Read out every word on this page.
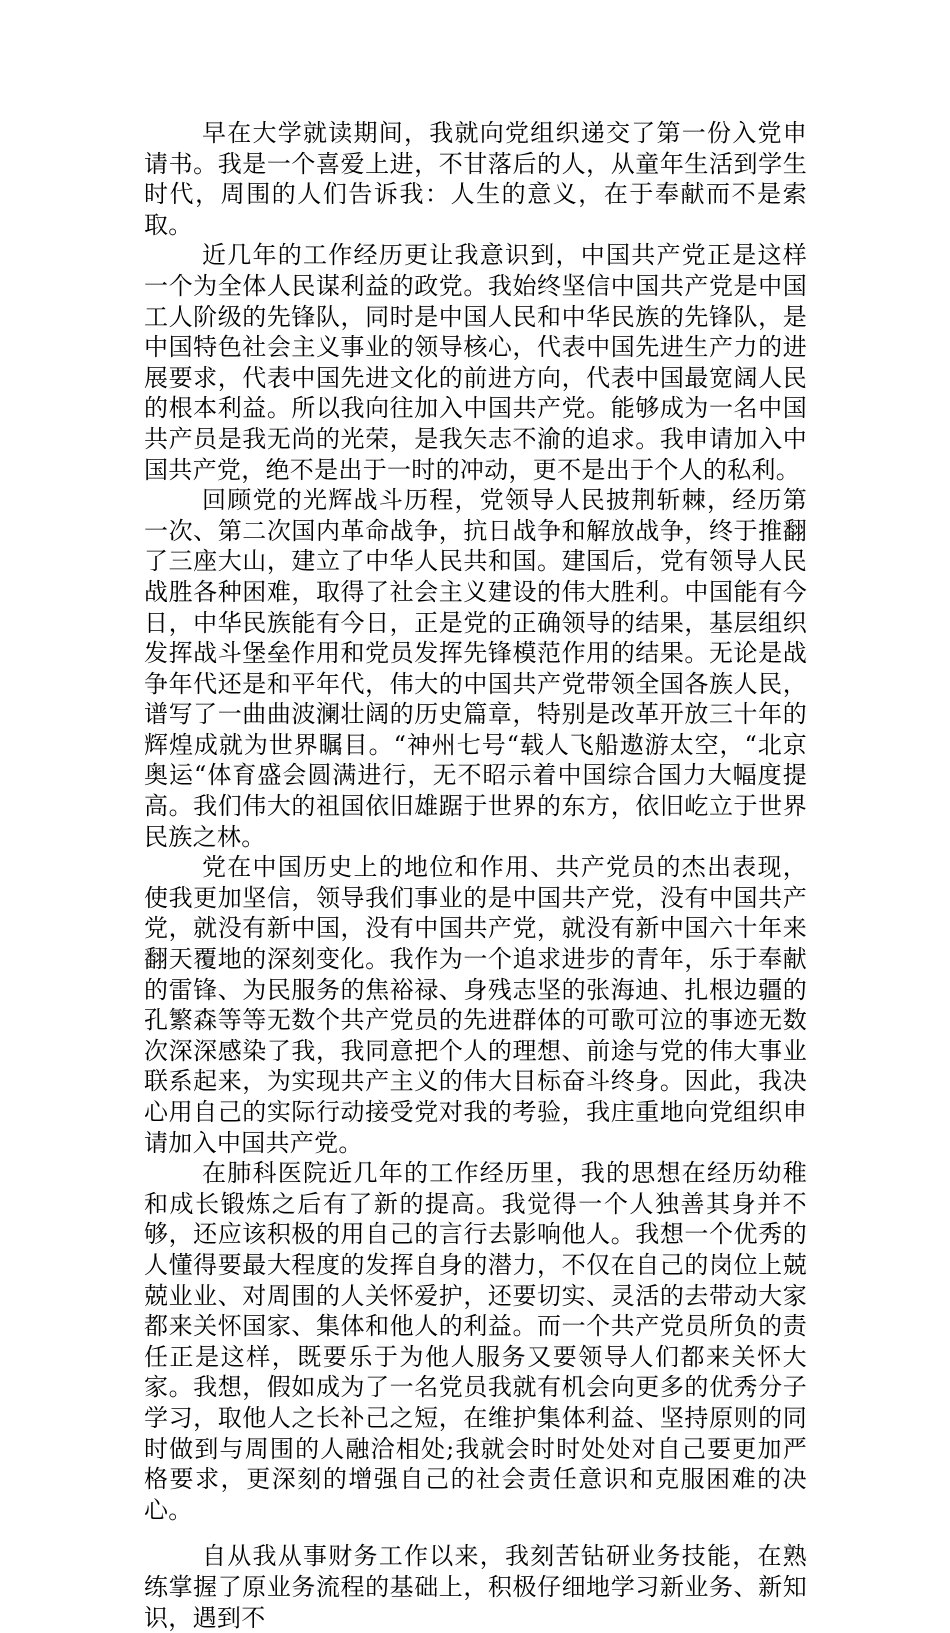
早在大学就读期间，我就向党组织递交了第一份入党申请书。我是一个喜爱上进，不甘落后的人，从童年生活到学生时代，周围的人们告诉我：人生的意义，在于奉献而不是索取。

近几年的工作经历更让我意识到，中国共产党正是这样一个为全体人民谋利益的政党。我始终坚信中国共产党是中国工人阶级的先锋队，同时是中国人民和中华民族的先锋队，是中国特色社会主义事业的领导核心，代表中国先进生产力的进展要求，代表中国先进文化的前进方向，代表中国最宽阔人民的根本利益。所以我向往加入中国共产党。能够成为一名中国共产员是我无尚的光荣，是我矢志不渝的追求。我申请加入中国共产党，绝不是出于一时的冲动，更不是出于个人的私利。

回顾党的光辉战斗历程，党领导人民披荆斩棘，经历第一次、第二次国内革命战争，抗日战争和解放战争，终于推翻了三座大山，建立了中华人民共和国。建国后，党有领导人民战胜各种困难，取得了社会主义建设的伟大胜利。中国能有今日，中华民族能有今日，正是党的正确领导的结果，基层组织发挥战斗堡垒作用和党员发挥先锋模范作用的结果。无论是战争年代还是和平年代，伟大的中国共产党带领全国各族人民，谱写了一曲曲波澜壮阔的历史篇章，特别是改革开放三十年的辉煌成就为世界瞩目。“神州七号“载人飞船遨游太空，“北京奥运“体育盛会圆满进行，无不昭示着中国综合国力大幅度提高。我们伟大的祖国依旧雄踞于世界的东方，依旧屹立于世界民族之林。

党在中国历史上的地位和作用、共产党员的杰出表现，使我更加坚信，领导我们事业的是中国共产党，没有中国共产党，就没有新中国，没有中国共产党，就没有新中国六十年来翻天覆地的深刻变化。我作为一个追求进步的青年，乐于奉献的雷锋、为民服务的焦裕禄、身残志坚的张海迪、扎根边疆的孔繁森等等无数个共产党员的先进群体的可歌可泣的事迹无数次深深感染了我，我同意把个人的理想、前途与党的伟大事业联系起来，为实现共产主义的伟大目标奋斗终身。因此，我决心用自己的实际行动接受党对我的考验，我庄重地向党组织申请加入中国共产党。

在肺科医院近几年的工作经历里，我的思想在经历幼稚和成长锻炼之后有了新的提高。我觉得一个人独善其身并不够，还应该积极的用自己的言行去影响他人。我想一个优秀的人懂得要最大程度的发挥自身的潜力，不仅在自己的岗位上兢兢业业、对周围的人关怀爱护，还要切实、灵活的去带动大家都来关怀国家、集体和他人的利益。而一个共产党员所负的责任正是这样，既要乐于为他人服务又要领导人们都来关怀大家。我想，假如成为了一名党员我就有机会向更多的优秀分子学习，取他人之长补己之短，在维护集体利益、坚持原则的同时做到与周围的人融洽相处;我就会时时处处对自己要更加严格要求，更深刻的增强自己的社会责任意识和克服困难的决心。

自从我从事财务工作以来，我刻苦钻研业务技能，在熟练掌握了原业务流程的基础上，积极仔细地学习新业务、新知识，遇到不
